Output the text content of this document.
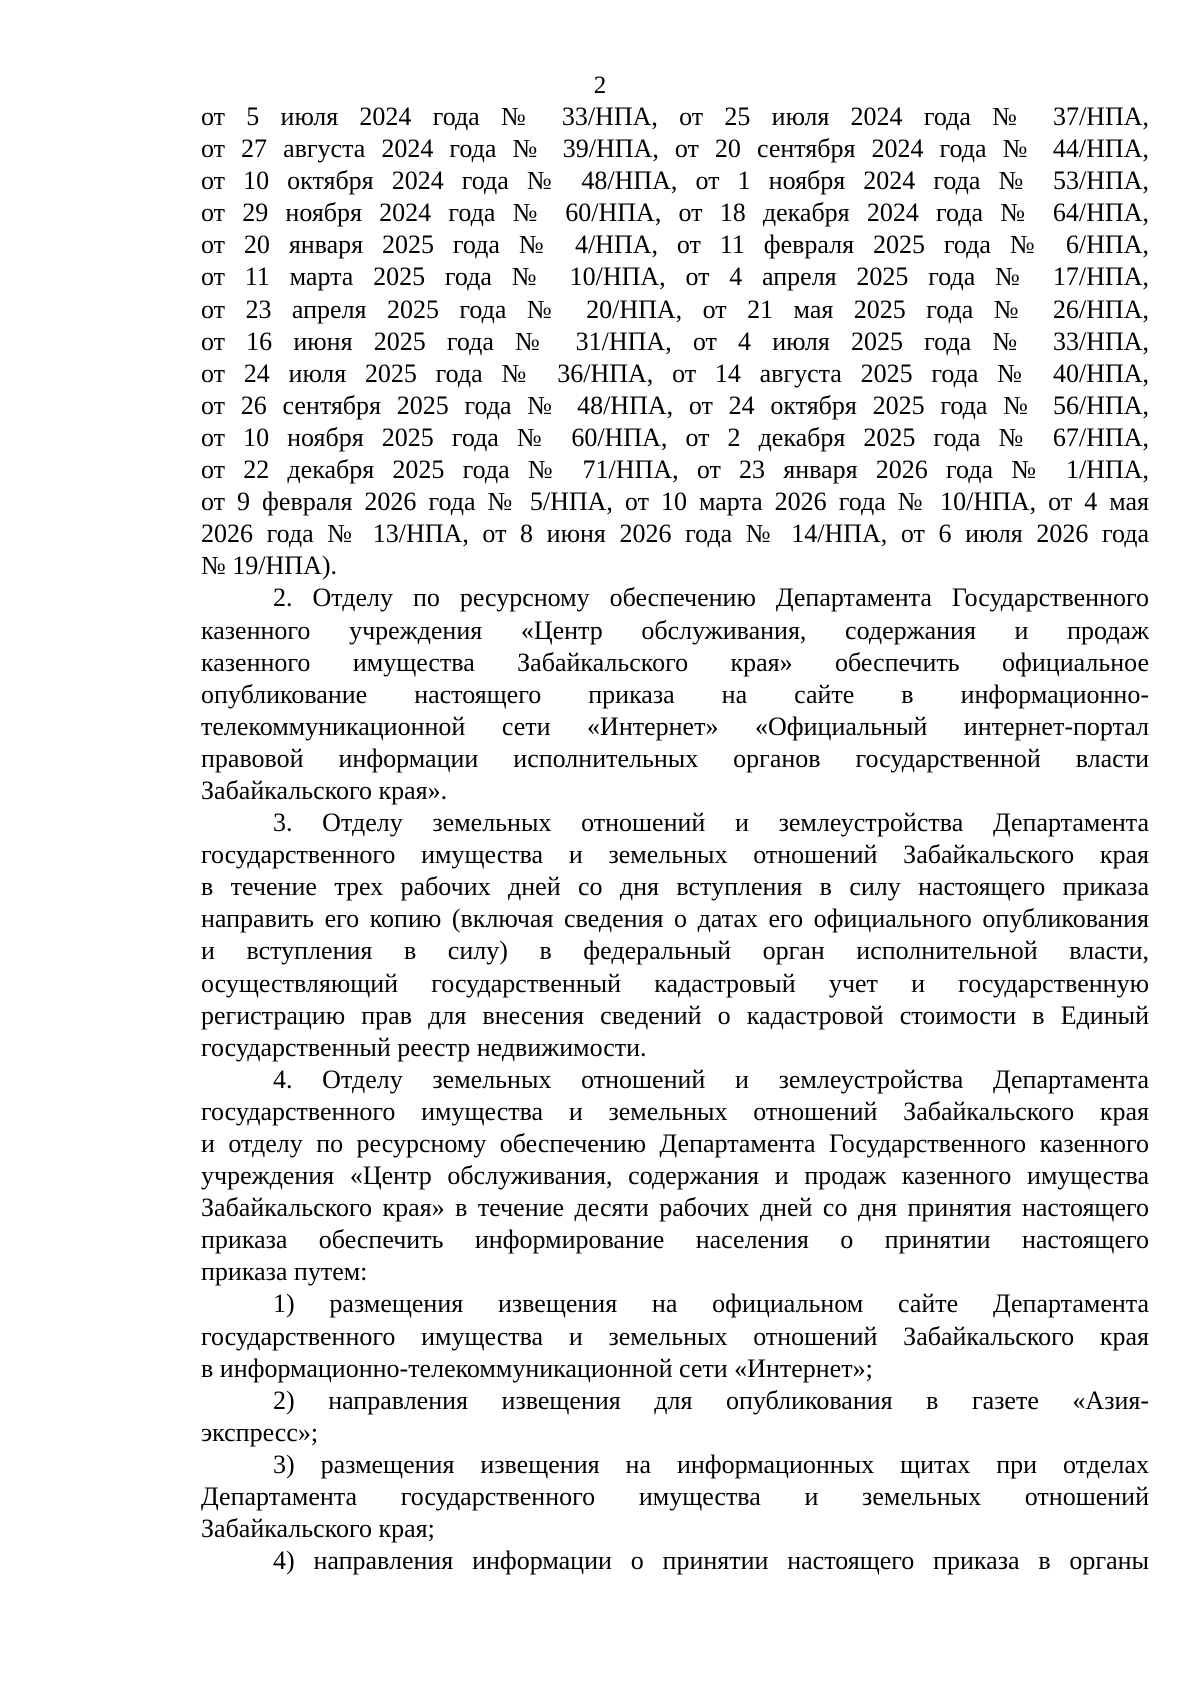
2
от 5 июля 2024 года № 33/НПА, от 25 июля 2024 года № 37/НПА,
от 27 августа 2024 года № 39/НПА, от 20 сентября 2024 года № 44/НПА,
от 10 октября 2024 года № 48/НПА, от 1 ноября 2024 года № 53/НПА,
от 29 ноября 2024 года № 60/НПА, от 18 декабря 2024 года № 64/НПА,
от 20 января 2025 года № 4/НПА, от 11 февраля 2025 года № 6/НПА,
от 11 марта 2025 года № 10/НПА, от 4 апреля 2025 года № 17/НПА,
от 23 апреля 2025 года № 20/НПА, от 21 мая 2025 года № 26/НПА,
от 16 июня 2025 года № 31/НПА, от 4 июля 2025 года № 33/НПА,
от 24 июля 2025 года № 36/НПА, от 14 августа 2025 года № 40/НПА,
от 26 сентября 2025 года № 48/НПА, от 24 октября 2025 года № 56/НПА,
от 10 ноября 2025 года № 60/НПА, от 2 декабря 2025 года № 67/НПА,
от 22 декабря 2025 года № 71/НПА, от 23 января 2026 года № 1/НПА,
от 9 февраля 2026 года № 5/НПА, от 10 марта 2026 года № 10/НПА, от 4 мая
2026 года № 13/НПА, от 8 июня 2026 года № 14/НПА, от 6 июля 2026 года
№ 19/НПА).
2. Отделу по ресурсному обеспечению Департамента Государственного
казенного учреждения «Центр обслуживания, содержания и продаж
казенного имущества Забайкальского края» обеспечить официальное
опубликование настоящего приказа на сайте в информационно-
телекоммуникационной сети «Интернет» «Официальный интернет-портал
правовой информации исполнительных органов государственной власти
Забайкальского края».
3. Отделу земельных отношений и землеустройства Департамента
государственного имущества и земельных отношений Забайкальского края
в течение трех рабочих дней со дня вступления в силу настоящего приказа
направить его копию (включая сведения о датах его официального опубликования
и вступления в силу) в федеральный орган исполнительной власти,
осуществляющий государственный кадастровый учет и государственную
регистрацию прав для внесения сведений о кадастровой стоимости в Единый
государственный реестр недвижимости.
4. Отделу земельных отношений и землеустройства Департамента
государственного имущества и земельных отношений Забайкальского края
и отделу по ресурсному обеспечению Департамента Государственного казенного
учреждения «Центр обслуживания, содержания и продаж казенного имущества
Забайкальского края» в течение десяти рабочих дней со дня принятия настоящего
приказа обеспечить информирование населения о принятии настоящего
приказа путем:
1) размещения извещения на официальном сайте Департамента
государственного имущества и земельных отношений Забайкальского края
в информационно-телекоммуникационной сети «Интернет»;
2) направления извещения для опубликования в газете «Азия-
экспресс»;
3) размещения извещения на информационных щитах при отделах
Департамента государственного имущества и земельных отношений
Забайкальского края;
4) направления информации о принятии настоящего приказа в органы
